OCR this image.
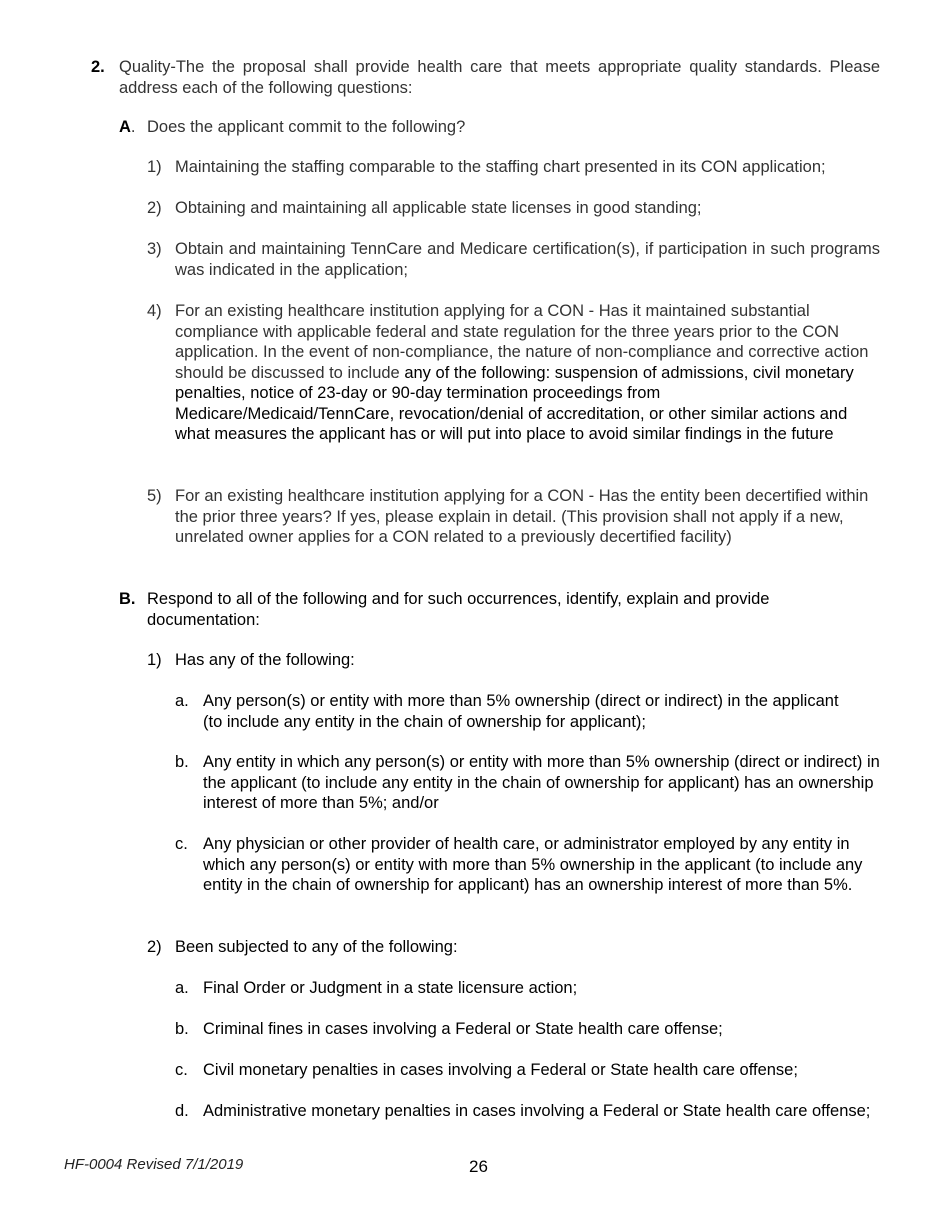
2. Quality-The the proposal shall provide health care that meets appropriate quality standards. Please address each of the following questions:
A. Does the applicant commit to the following?
1) Maintaining the staffing comparable to the staffing chart presented in its CON application;
2) Obtaining and maintaining all applicable state licenses in good standing;
3) Obtain and maintaining TennCare and Medicare certification(s), if participation in such programs was indicated in the application;
4) For an existing healthcare institution applying for a CON - Has it maintained substantial compliance with applicable federal and state regulation for the three years prior to the CON application. In the event of non-compliance, the nature of non-compliance and corrective action should be discussed to include any of the following: suspension of admissions, civil monetary penalties, notice of 23-day or 90-day termination proceedings from Medicare/Medicaid/TennCare, revocation/denial of accreditation, or other similar actions and what measures the applicant has or will put into place to avoid similar findings in the future
5) For an existing healthcare institution applying for a CON - Has the entity been decertified within the prior three years? If yes, please explain in detail. (This provision shall not apply if a new, unrelated owner applies for a CON related to a previously decertified facility)
B. Respond to all of the following and for such occurrences, identify, explain and provide documentation:
1) Has any of the following:
a. Any person(s) or entity with more than 5% ownership (direct or indirect) in the applicant (to include any entity in the chain of ownership for applicant);
b. Any entity in which any person(s) or entity with more than 5% ownership (direct or indirect) in the applicant (to include any entity in the chain of ownership for applicant) has an ownership interest of more than 5%; and/or
c. Any physician or other provider of health care, or administrator employed by any entity in which any person(s) or entity with more than 5% ownership in the applicant (to include any entity in the chain of ownership for applicant) has an ownership interest of more than 5%.
2) Been subjected to any of the following:
a. Final Order or Judgment in a state licensure action;
b. Criminal fines in cases involving a Federal or State health care offense;
c. Civil monetary penalties in cases involving a Federal or State health care offense;
d. Administrative monetary penalties in cases involving a Federal or State health care offense;
HF-0004 Revised 7/1/2019	26
